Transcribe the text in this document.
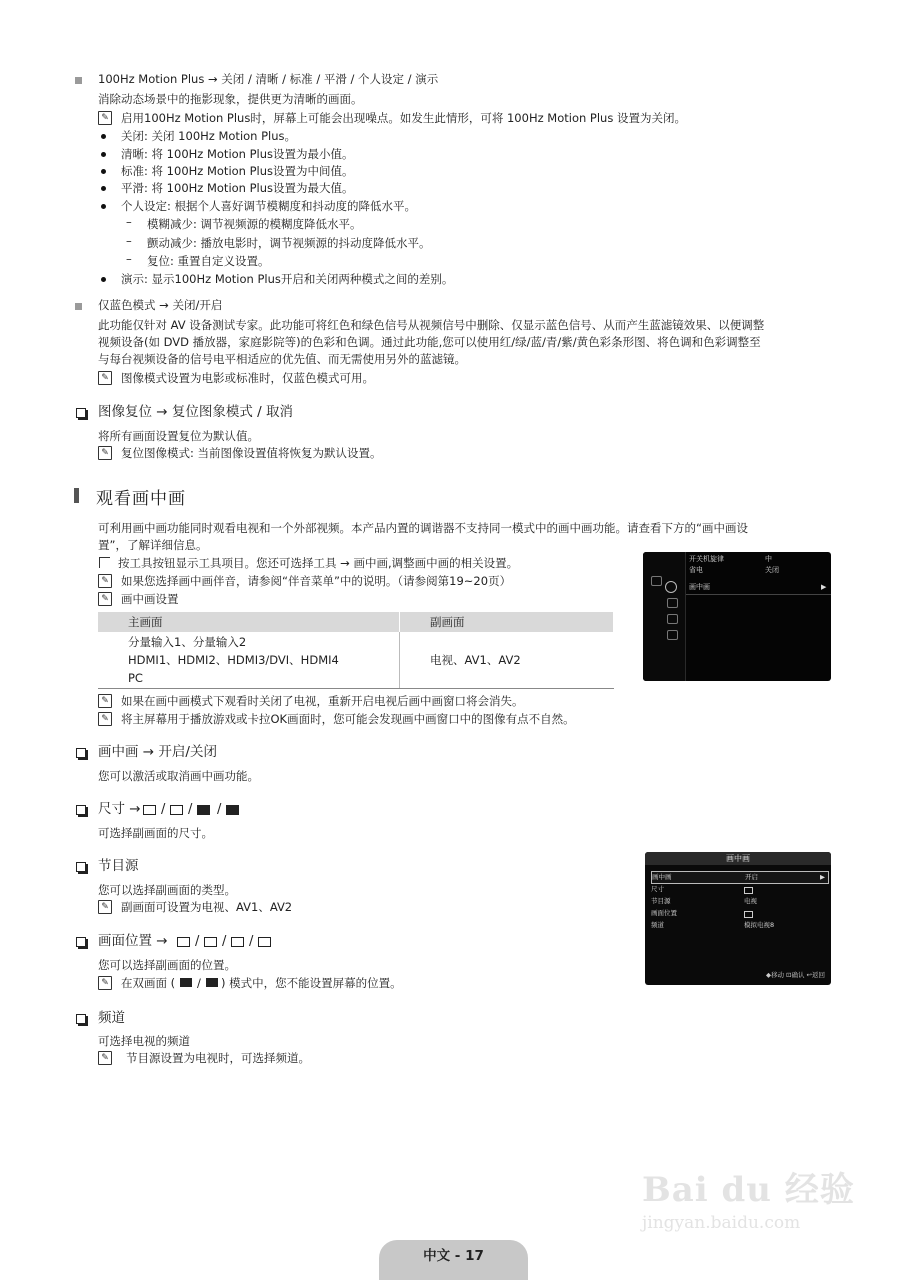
100Hz Motion Plus → 关闭 / 清晰 / 标准 / 平滑 / 个人设定 / 演示
消除动态场景中的拖影现象，提供更为清晰的画面。
✎ 启用100Hz Motion Plus时，屏幕上可能会出现噪点。如发生此情形，可将 100Hz Motion Plus 设置为关闭。
关闭: 关闭 100Hz Motion Plus。
清晰: 将 100Hz Motion Plus设置为最小值。
标准: 将 100Hz Motion Plus设置为中间值。
平滑: 将 100Hz Motion Plus设置为最大值。
个人设定: 根据个人喜好调节模糊度和抖动度的降低水平。
– 模糊减少: 调节视频源的模糊度降低水平。
– 颤动减少: 播放电影时，调节视频源的抖动度降低水平。
– 复位: 重置自定义设置。
演示: 显示100Hz Motion Plus开启和关闭两种模式之间的差别。
仅蓝色模式 → 关闭/开启
此功能仅针对 AV 设备测试专家。此功能可将红色和绿色信号从视频信号中删除、仅显示蓝色信号、从而产生蓝滤镜效果、以便调整
视频设备(如 DVD 播放器，家庭影院等)的色彩和色调。通过此功能,您可以使用红/绿/蓝/青/紫/黄色彩条形图、将色调和色彩调整至
与每台视频设备的信号电平相适应的优先值、而无需使用另外的蓝滤镜。
✎ 图像模式设置为电影或标准时，仅蓝色模式可用。
图像复位 → 复位图象模式 / 取消
将所有画面设置复位为默认值。
✎ 复位图像模式: 当前图像设置值将恢复为默认设置。
观看画中画
可利用画中画功能同时观看电视和一个外部视频。本产品内置的调谐器不支持同一模式中的画中画功能。请查看下方的“画中画设
置”，了解详细信息。
按工具按钮显示工具项目。您还可选择工具 → 画中画,调整画中画的相关设置。
✎ 如果您选择画中画伴音，请参阅“伴音菜单”中的说明。（请参阅第19~20页）
✎ 画中画设置
主画面	副画面

分量输入1、分量输入2
HDMI1、HDMI2、HDMI3/DVI、HDMI4
PC	电视、AV1、AV2
✎ 如果在画中画模式下观看时关闭了电视，重新开启电视后画中画窗口将会消失。
✎ 将主屏幕用于播放游戏或卡拉OK画面时，您可能会发现画中画窗口中的图像有点不自然。
开关机旋律	中
省电	关闭
画中画	▶
画中画 → 开启/关闭
您可以激活或取消画中画功能。
尺寸 → / / /
可选择副画面的尺寸。
节目源
您可以选择副画面的类型。
✎ 副画面可设置为电视、AV1、AV2
画中画
画中画	开启	▶
尺寸
节目源	电视
画面位置
频道	模拟电视8
◆移动 ⊡确认 ↩返回
画面位置 → / / /
您可以选择副画面的位置。
✎ 在双画面 ( / ) 模式中，您不能设置屏幕的位置。
频道
可选择电视的频道
✎ 节目源设置为电视时，可选择频道。
Bai du 经验
jingyan.baidu.com
中文 - 17
